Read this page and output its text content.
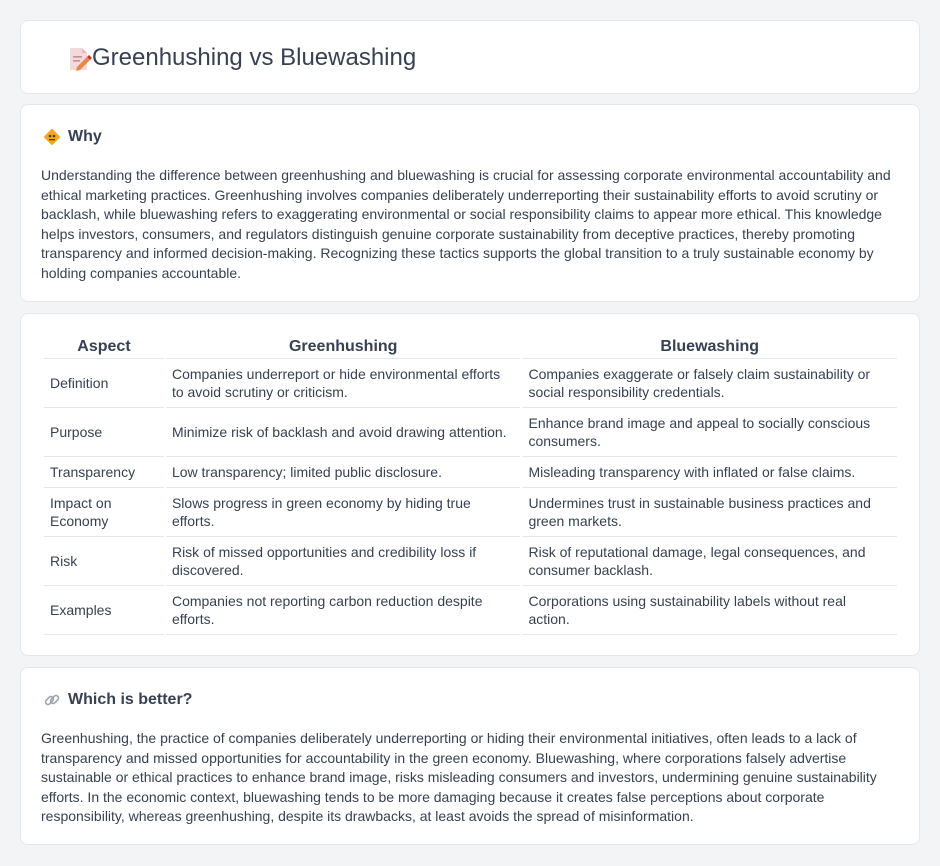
Greenhushing vs Bluewashing
Why

Understanding the difference between greenhushing and bluewashing is crucial for assessing corporate environmental accountability and ethical marketing practices. Greenhushing involves companies deliberately underreporting their sustainability efforts to avoid scrutiny or backlash, while bluewashing refers to exaggerating environmental or social responsibility claims to appear more ethical. This knowledge helps investors, consumers, and regulators distinguish genuine corporate sustainability from deceptive practices, thereby promoting transparency and informed decision-making. Recognizing these tactics supports the global transition to a truly sustainable economy by holding companies accountable.

Aspect	Greenhushing	Bluewashing
Definition	Companies underreport or hide environmental efforts to avoid scrutiny or criticism.	Companies exaggerate or falsely claim sustainability or social responsibility credentials.
Purpose	Minimize risk of backlash and avoid drawing attention.	Enhance brand image and appeal to socially conscious consumers.
Transparency	Low transparency; limited public disclosure.	Misleading transparency with inflated or false claims.
Impact on Economy	Slows progress in green economy by hiding true efforts.	Undermines trust in sustainable business practices and green markets.
Risk	Risk of missed opportunities and credibility loss if discovered.	Risk of reputational damage, legal consequences, and consumer backlash.
Examples	Companies not reporting carbon reduction despite efforts.	Corporations using sustainability labels without real action.
Which is better?

Greenhushing, the practice of companies deliberately underreporting or hiding their environmental initiatives, often leads to a lack of transparency and missed opportunities for accountability in the green economy. Bluewashing, where corporations falsely advertise sustainable or ethical practices to enhance brand image, risks misleading consumers and investors, undermining genuine sustainability efforts. In the economic context, bluewashing tends to be more damaging because it creates false perceptions about corporate responsibility, whereas greenhushing, despite its drawbacks, at least avoids the spread of misinformation.
